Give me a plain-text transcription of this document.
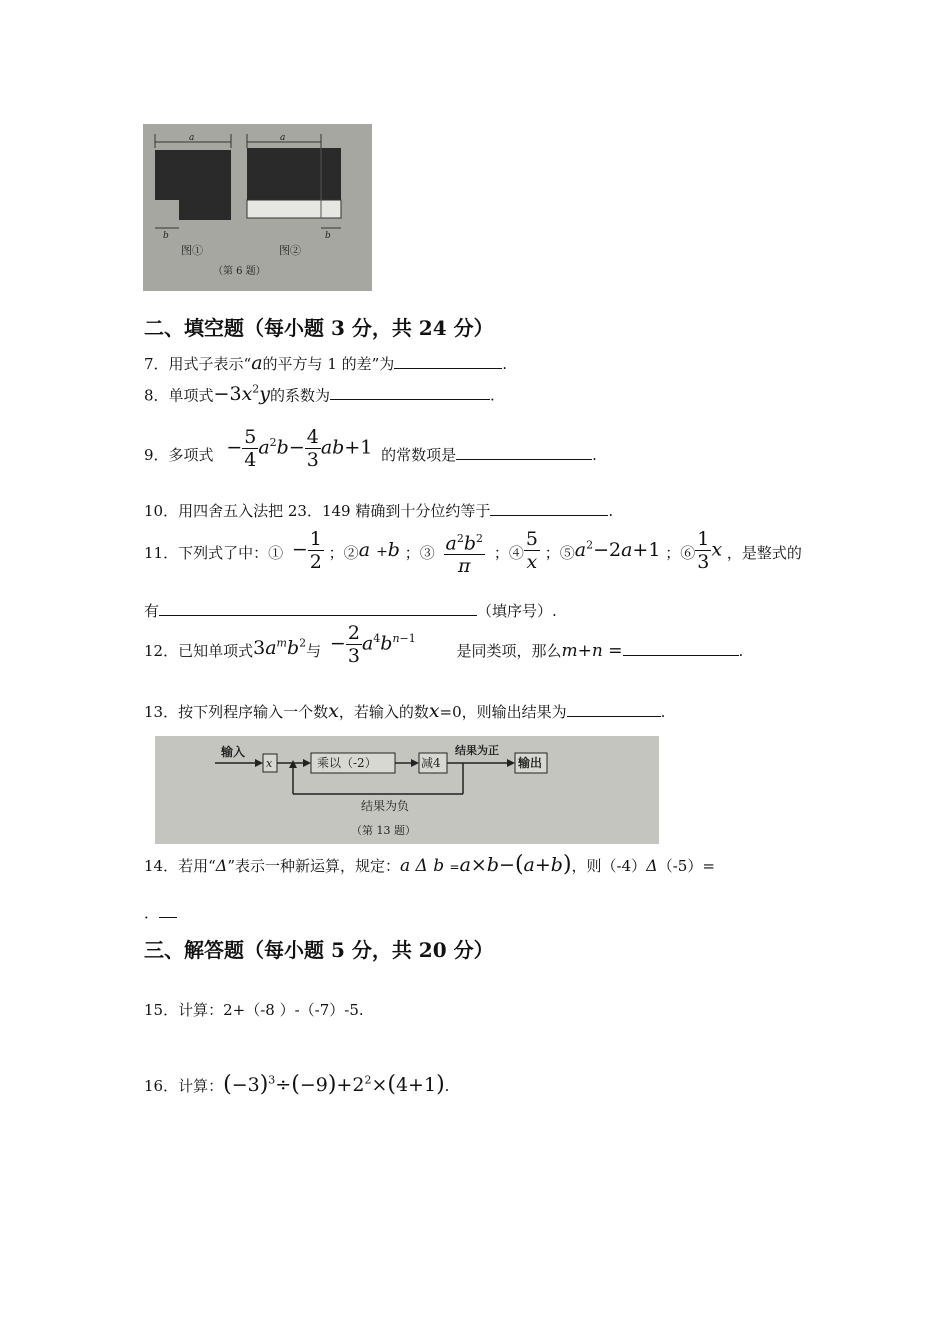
a
b
图①
a
b
图②
（第 6 题）
二、填空题（每小题 3 分，共 24 分）
7．用式子表示“a的平方与 1 的差”为	.
8．单项式$-3x^2y$的系数为	.
9．多项式 − $\frac{5}{4} a^2b- \frac{4}{3} ab+1$ 的常数项是	.
10．用四舍五入法把 23．149 精确到十分位约等于	.
11．下列式了中：① − $\frac{1}{2}$ ；②a +b ；③ $\frac{a^2b^2}{\pi}$ ；④ $\frac{5}{x}$ ；$⑤a^2-2a+1$ ；⑥ $\frac{1}{3}$ x ，是整式的
有	（填序号）.
12．已知单项式$3a^mb^2$与 − $\frac{2}{3} a^4b^{n-1}$ 是同类项，那么m+n =	.
13．按下列程序输入一个数x，若输入的数x=0，则输出结果为	.
输入
x	乘以（-2）	减4
结果为正
输出
结果为负
（第 13 题）
14．若用“Δ”表示一种新运算，规定：a Δ b =a×b−(a+b)，则（-4）Δ（-5）=
．
三、解答题（每小题 5 分，共 20 分）
15．计算：2+（-8 ）-（-7）-5.
16．计算：$(-3)^3\div(-9)+2^2\times(4+1)$.
